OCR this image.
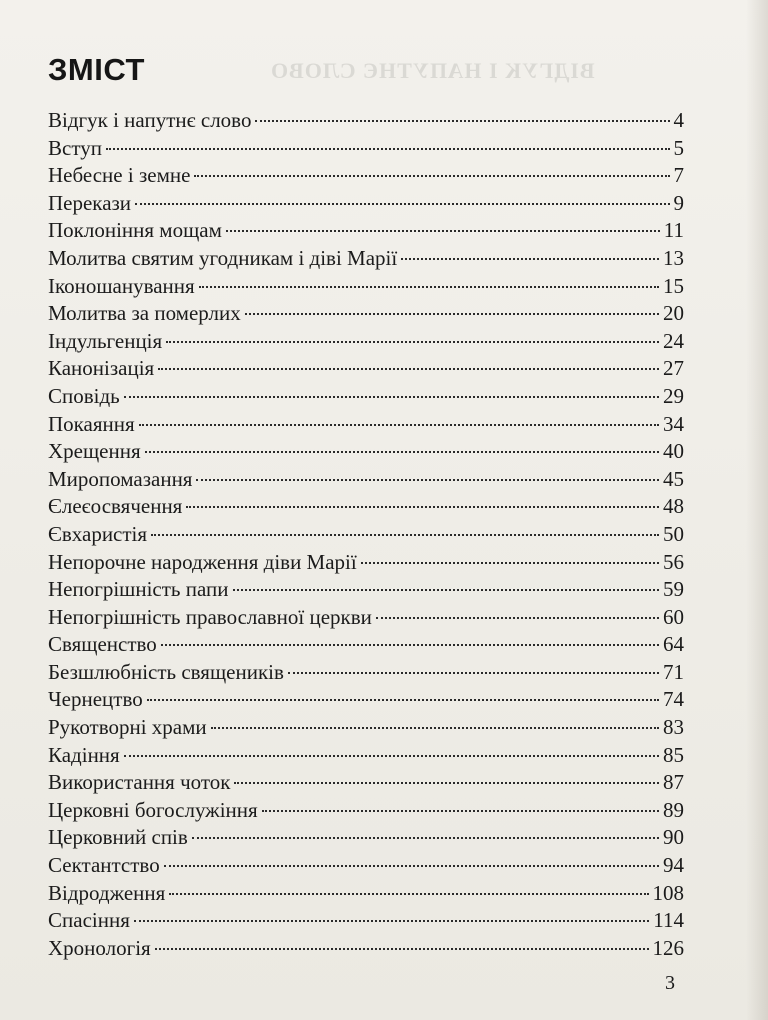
ВІДГУК І НАПУТНЄ СЛОВО
ЗМІСТ
Відгук і напутнє слово	4
Вступ	5
Небесне і земне	7
Перекази	9
Поклоніння мощам	11
Молитва святим угодникам і діві Марії	13
Іконошанування	15
Молитва за померлих	20
Індульгенція	24
Канонізація	27
Сповідь	29
Покаяння	34
Хрещення	40
Миропомазання	45
Єлеєосвячення	48
Євхаристія	50
Непорочне народження діви Марії	56
Непогрішність папи	59
Непогрішність православної церкви	60
Священство	64
Безшлюбність священиків	71
Чернецтво	74
Рукотворні храми	83
Кадіння	85
Використання чоток	87
Церковні богослужіння	89
Церковний спів	90
Сектантство	94
Відродження	108
Спасіння	114
Хронологія	126
3
